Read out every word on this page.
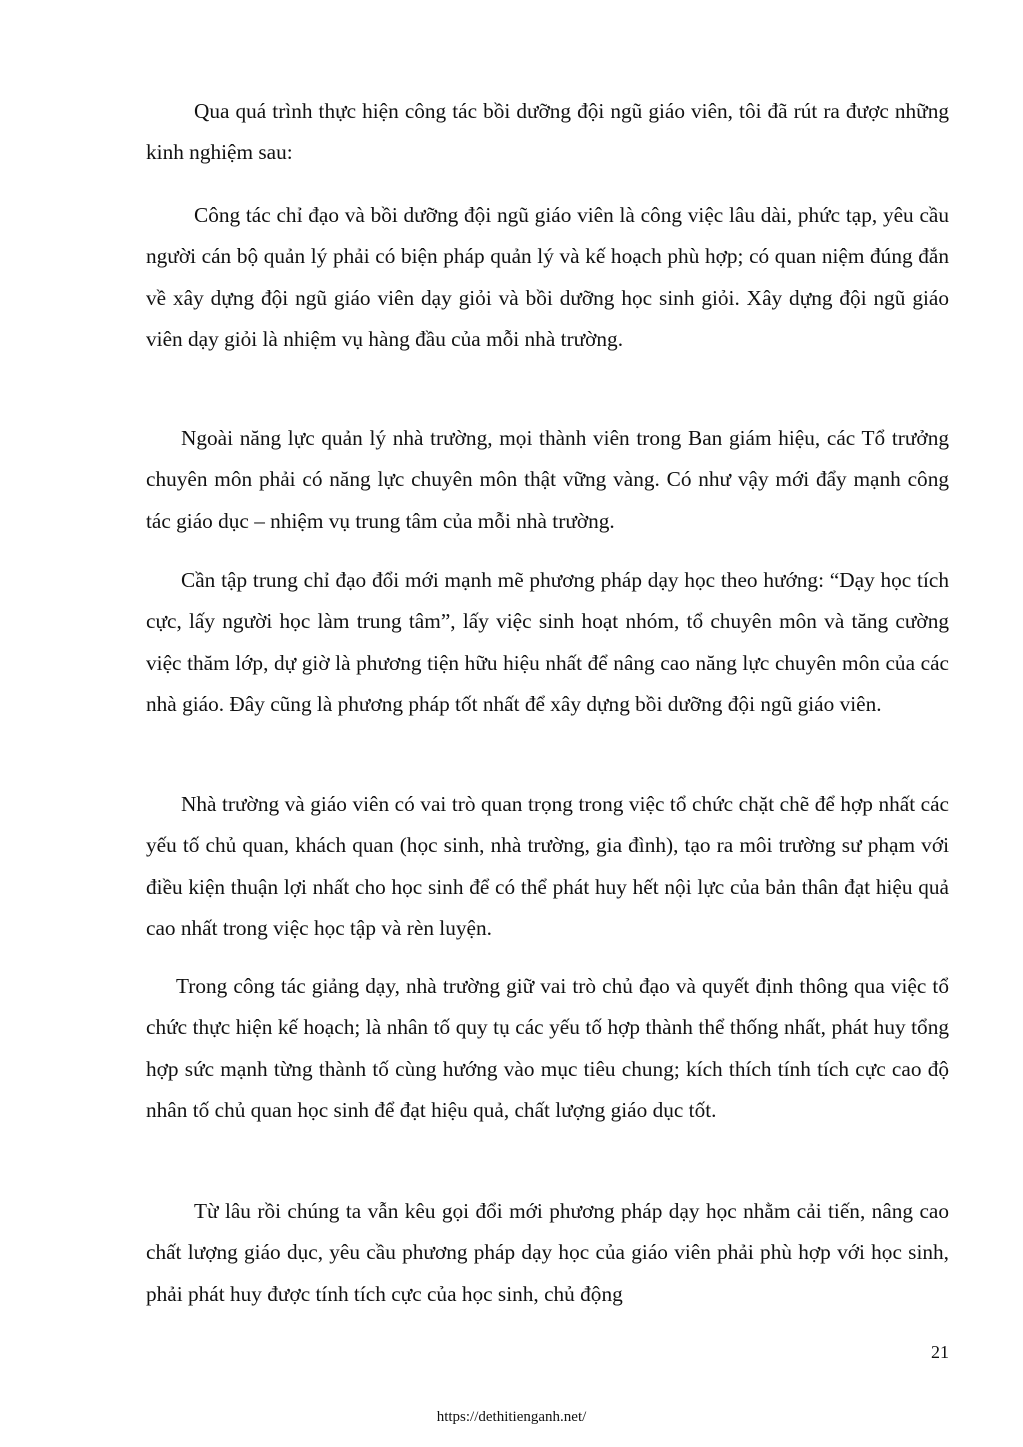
Qua quá trình thực hiện công tác bồi dưỡng đội ngũ giáo viên, tôi đã rút ra được những kinh nghiệm sau:

Công tác chỉ đạo và bồi dưỡng đội ngũ giáo viên là công việc lâu dài, phức tạp, yêu cầu người cán bộ quản lý phải có biện pháp quản lý và kế hoạch phù hợp; có quan niệm đúng đắn về xây dựng đội ngũ giáo viên dạy giỏi và bồi dưỡng học sinh giỏi. Xây dựng đội ngũ giáo viên dạy giỏi là nhiệm vụ hàng đầu của mỗi nhà trường.

Ngoài năng lực quản lý nhà trường, mọi thành viên trong Ban giám hiệu, các Tổ trưởng chuyên môn phải có năng lực chuyên môn thật vững vàng. Có như vậy mới đẩy mạnh công tác giáo dục – nhiệm vụ trung tâm của mỗi nhà trường.

Cần tập trung chỉ đạo đổi mới mạnh mẽ phương pháp dạy học theo hướng: “Dạy học tích cực, lấy người học làm trung tâm”, lấy việc sinh hoạt nhóm, tổ chuyên môn và tăng cường việc thăm lớp, dự giờ là phương tiện hữu hiệu nhất để nâng cao năng lực chuyên môn của các nhà giáo. Đây cũng là phương pháp tốt nhất để xây dựng bồi dưỡng đội ngũ giáo viên.

Nhà trường và giáo viên có vai trò quan trọng trong việc tổ chức chặt chẽ để hợp nhất các yếu tố chủ quan, khách quan (học sinh, nhà trường, gia đình), tạo ra môi trường sư phạm với điều kiện thuận lợi nhất cho học sinh để có thể phát huy hết nội lực của bản thân đạt hiệu quả cao nhất trong việc học tập và rèn luyện.

Trong công tác giảng dạy, nhà trường giữ vai trò chủ đạo và quyết định thông qua việc tổ chức thực hiện kế hoạch; là nhân tố quy tụ các yếu tố hợp thành thể thống nhất, phát huy tổng hợp sức mạnh từng thành tố cùng hướng vào mục tiêu chung; kích thích tính tích cực cao độ nhân tố chủ quan học sinh để đạt hiệu quả, chất lượng giáo dục tốt.

Từ lâu rồi chúng ta vẫn kêu gọi đổi mới phương pháp dạy học nhằm cải tiến, nâng cao chất lượng giáo dục, yêu cầu phương pháp dạy học của giáo viên phải phù hợp với học sinh, phải phát huy được tính tích cực của học sinh, chủ động

21

https://dethitienganh.net/
